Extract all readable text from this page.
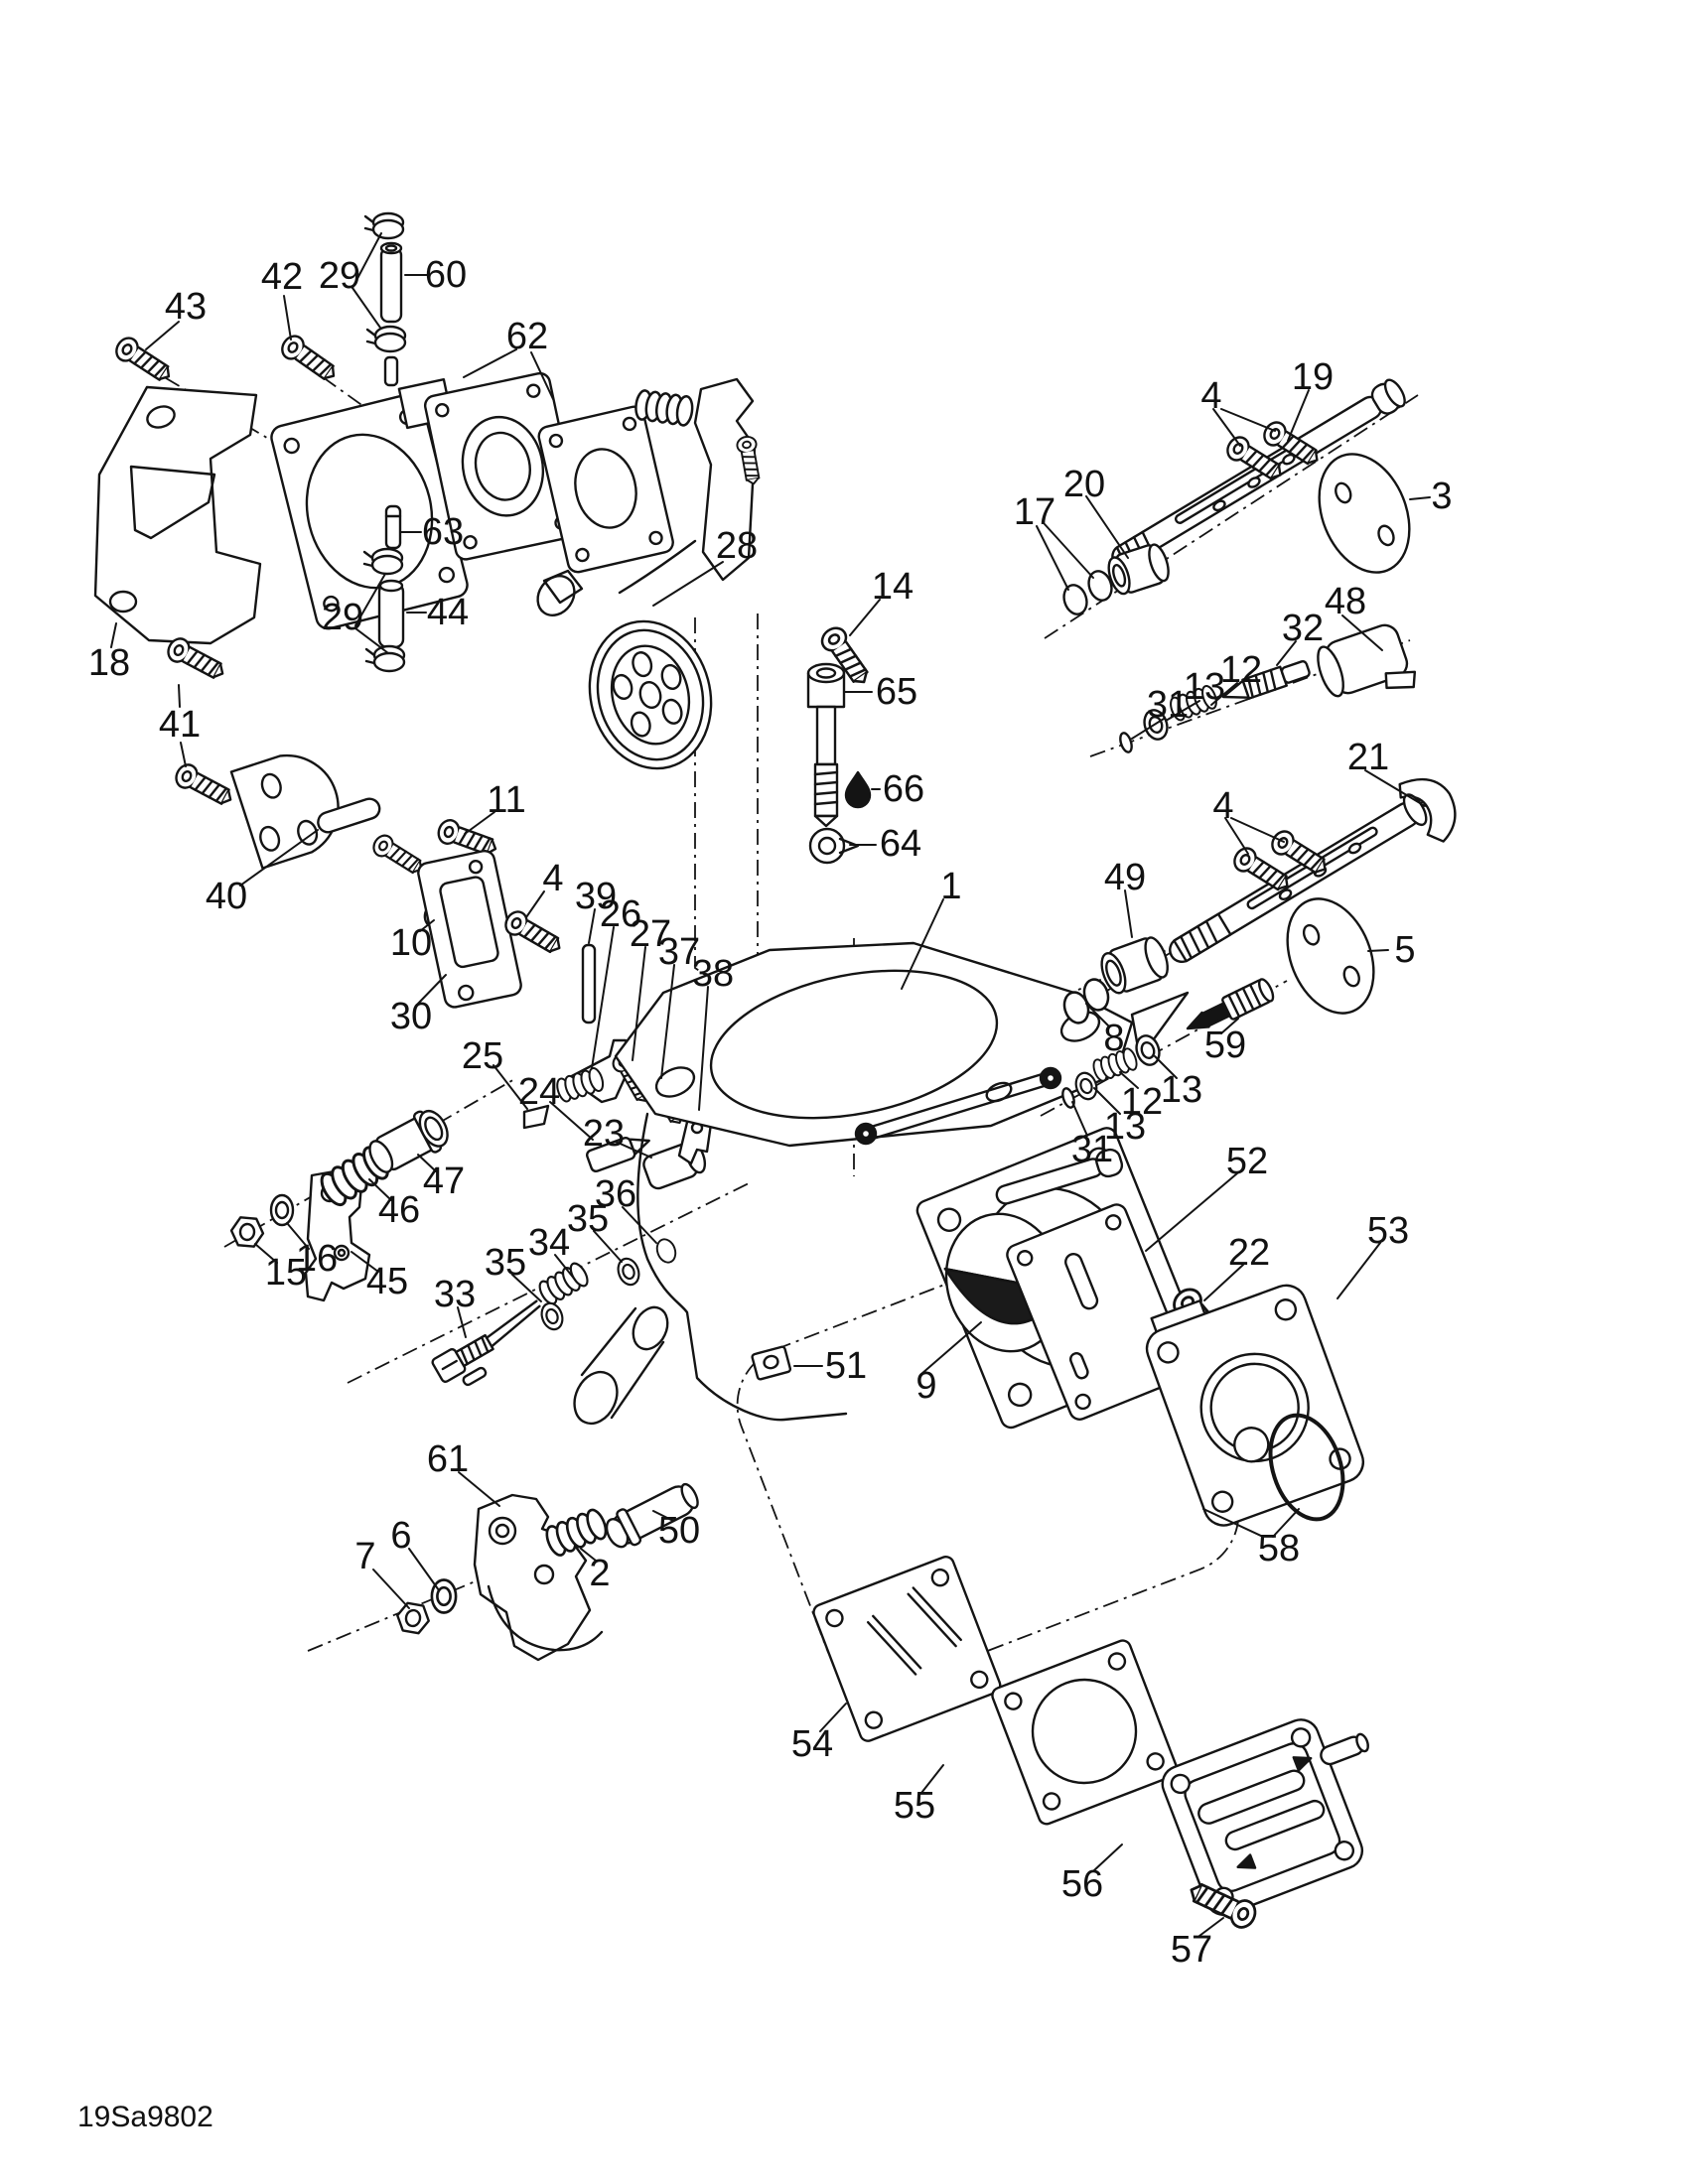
1
2
3
4
4
4
5
6
7
8
9
10
11
12
12
13
13
13
14
15
16
17
18
19
20
21
22
23
24
25
26
27
28
29
29
30
31
31
32
33
34
35
35
36
37
38
39
40
41
42
43
44
45
46
47
48
49
50
51
52
53
54
55
56
57
58
59
60
61
62
63
64
65
66
19Sa9802
